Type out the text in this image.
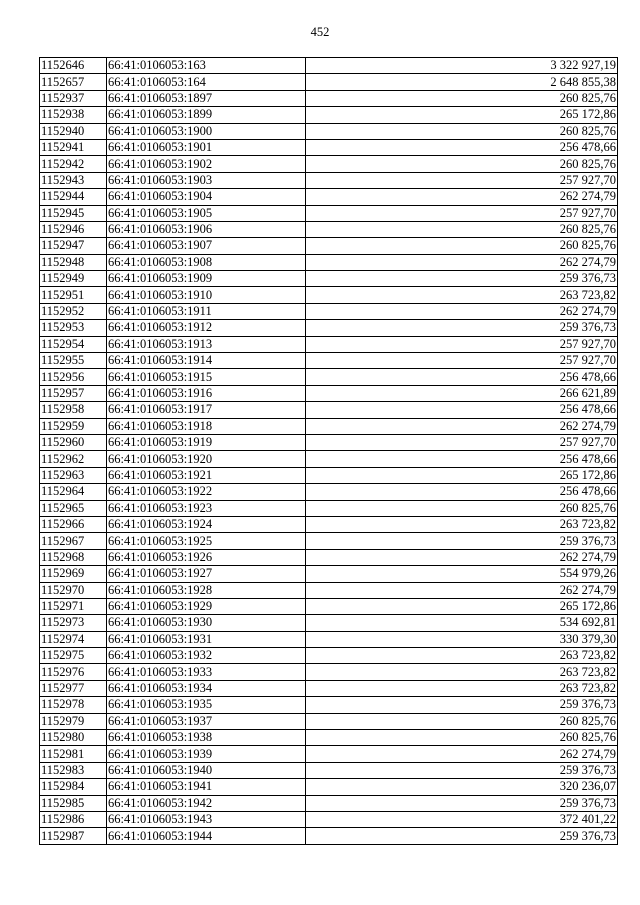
452
1152646	66:41:0106053:163	3 322 927,19
1152657	66:41:0106053:164	2 648 855,38
1152937	66:41:0106053:1897	260 825,76
1152938	66:41:0106053:1899	265 172,86
1152940	66:41:0106053:1900	260 825,76
1152941	66:41:0106053:1901	256 478,66
1152942	66:41:0106053:1902	260 825,76
1152943	66:41:0106053:1903	257 927,70
1152944	66:41:0106053:1904	262 274,79
1152945	66:41:0106053:1905	257 927,70
1152946	66:41:0106053:1906	260 825,76
1152947	66:41:0106053:1907	260 825,76
1152948	66:41:0106053:1908	262 274,79
1152949	66:41:0106053:1909	259 376,73
1152951	66:41:0106053:1910	263 723,82
1152952	66:41:0106053:1911	262 274,79
1152953	66:41:0106053:1912	259 376,73
1152954	66:41:0106053:1913	257 927,70
1152955	66:41:0106053:1914	257 927,70
1152956	66:41:0106053:1915	256 478,66
1152957	66:41:0106053:1916	266 621,89
1152958	66:41:0106053:1917	256 478,66
1152959	66:41:0106053:1918	262 274,79
1152960	66:41:0106053:1919	257 927,70
1152962	66:41:0106053:1920	256 478,66
1152963	66:41:0106053:1921	265 172,86
1152964	66:41:0106053:1922	256 478,66
1152965	66:41:0106053:1923	260 825,76
1152966	66:41:0106053:1924	263 723,82
1152967	66:41:0106053:1925	259 376,73
1152968	66:41:0106053:1926	262 274,79
1152969	66:41:0106053:1927	554 979,26
1152970	66:41:0106053:1928	262 274,79
1152971	66:41:0106053:1929	265 172,86
1152973	66:41:0106053:1930	534 692,81
1152974	66:41:0106053:1931	330 379,30
1152975	66:41:0106053:1932	263 723,82
1152976	66:41:0106053:1933	263 723,82
1152977	66:41:0106053:1934	263 723,82
1152978	66:41:0106053:1935	259 376,73
1152979	66:41:0106053:1937	260 825,76
1152980	66:41:0106053:1938	260 825,76
1152981	66:41:0106053:1939	262 274,79
1152983	66:41:0106053:1940	259 376,73
1152984	66:41:0106053:1941	320 236,07
1152985	66:41:0106053:1942	259 376,73
1152986	66:41:0106053:1943	372 401,22
1152987	66:41:0106053:1944	259 376,73
